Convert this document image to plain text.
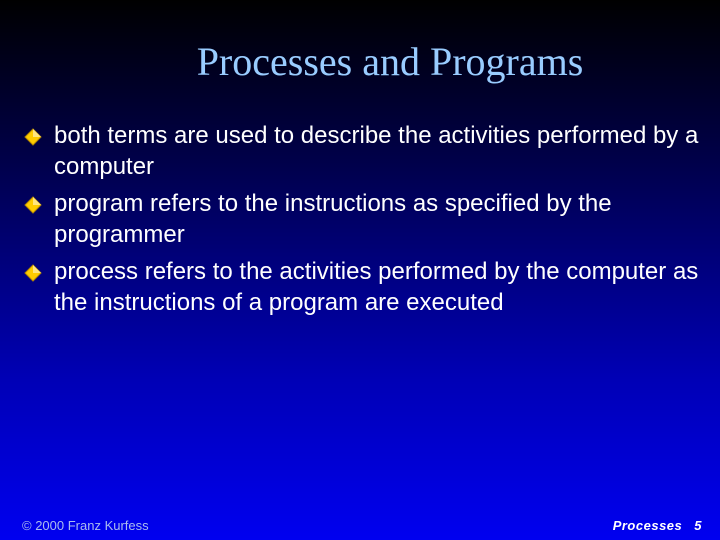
Processes and Programs
both terms are used to describe the activities performed by a computer
program refers to the instructions as specified by the programmer
process refers to the activities performed by the computer as the instructions of a program are executed
© 2000 Franz Kurfess	Processes 5
